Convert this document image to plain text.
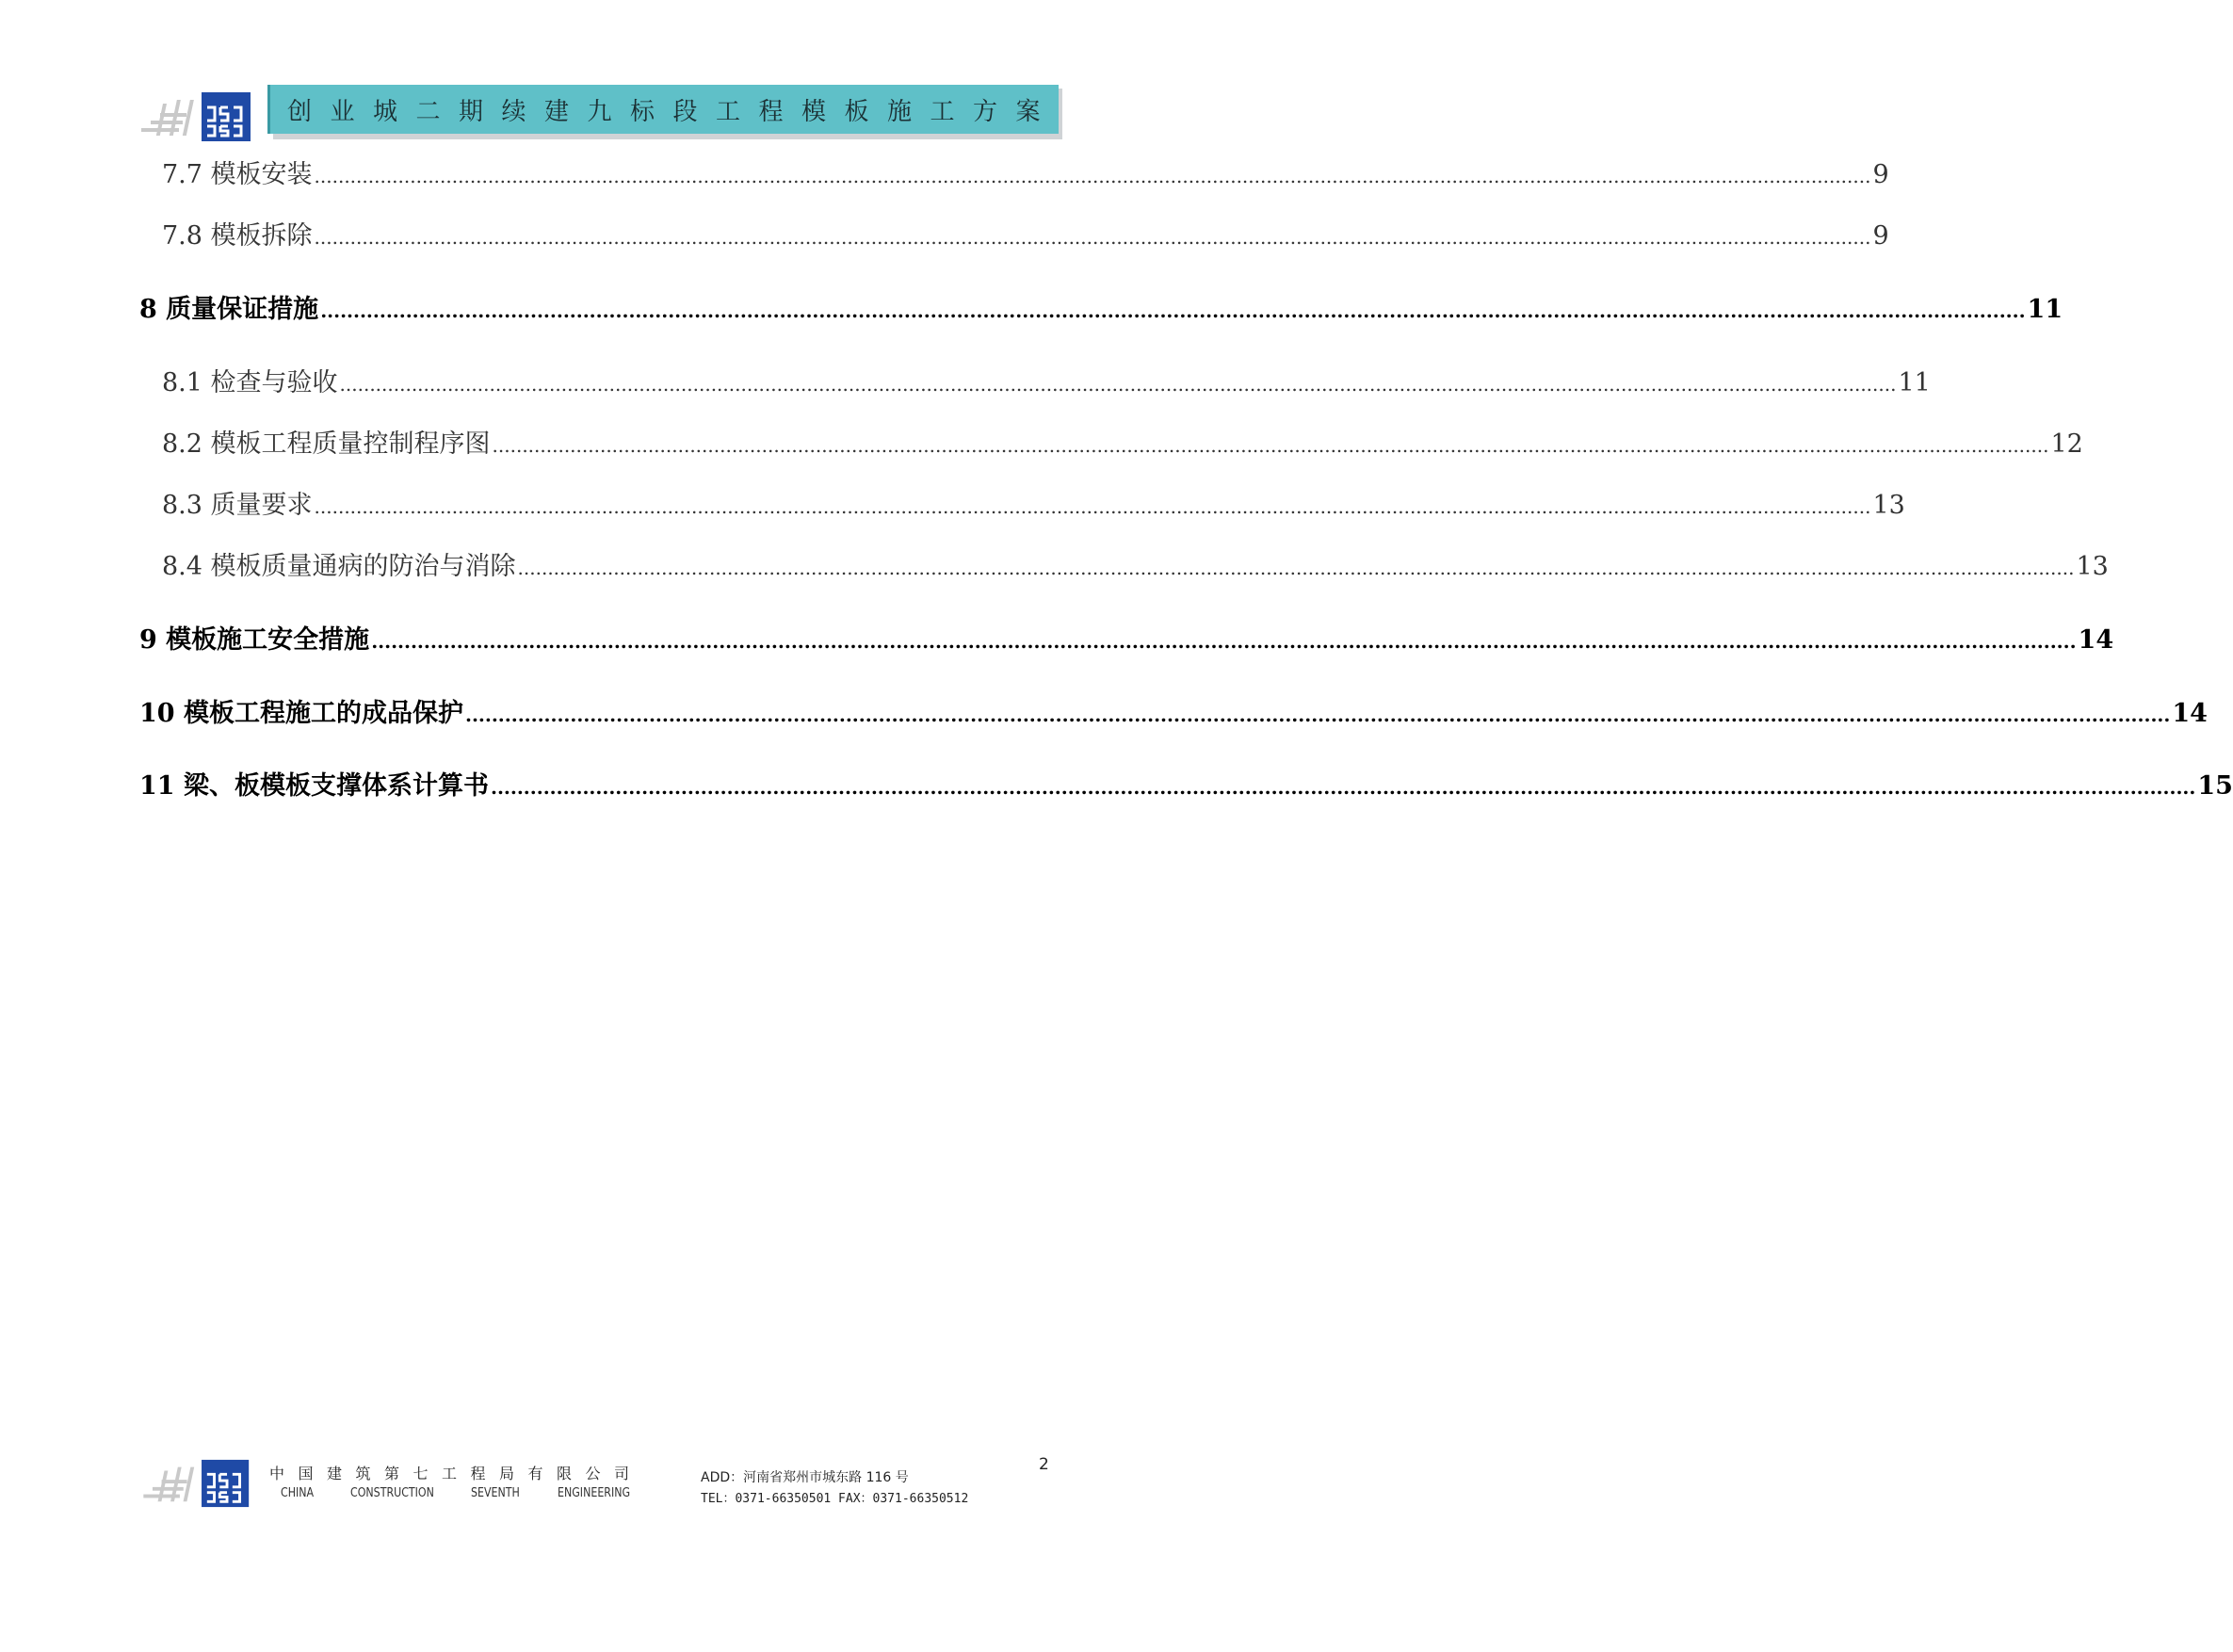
创业城二期续建九标段工程模板施工方案
7.7 模板安装 .................................................................................................................................................................................................................................................................... 9
7.8 模板拆除 .................................................................................................................................................................................................................................................................... 9
8 质量保证措施 .................................................................................................................................................................................................................................................................... 11
8.1 检查与验收 .................................................................................................................................................................................................................................................................... 11
8.2 模板工程质量控制程序图 .................................................................................................................................................................................................................................................................... 12
8.3 质量要求 .................................................................................................................................................................................................................................................................... 13
8.4 模板质量通病的防治与消除 .................................................................................................................................................................................................................................................................... 13
9 模板施工安全措施 .................................................................................................................................................................................................................................................................... 14
10 模板工程施工的成品保护 .................................................................................................................................................................................................................................................................... 14
11 梁、板模板支撑体系计算书 .................................................................................................................................................................................................................................................................... 15
中国建筑第七工程局有限公司
CHINA	CONSTRUCTION	SEVENTH	ENGINEERING
ADD：河南省郑州市城东路 116 号
TEL：0371-66350501 FAX：0371-66350512
2
